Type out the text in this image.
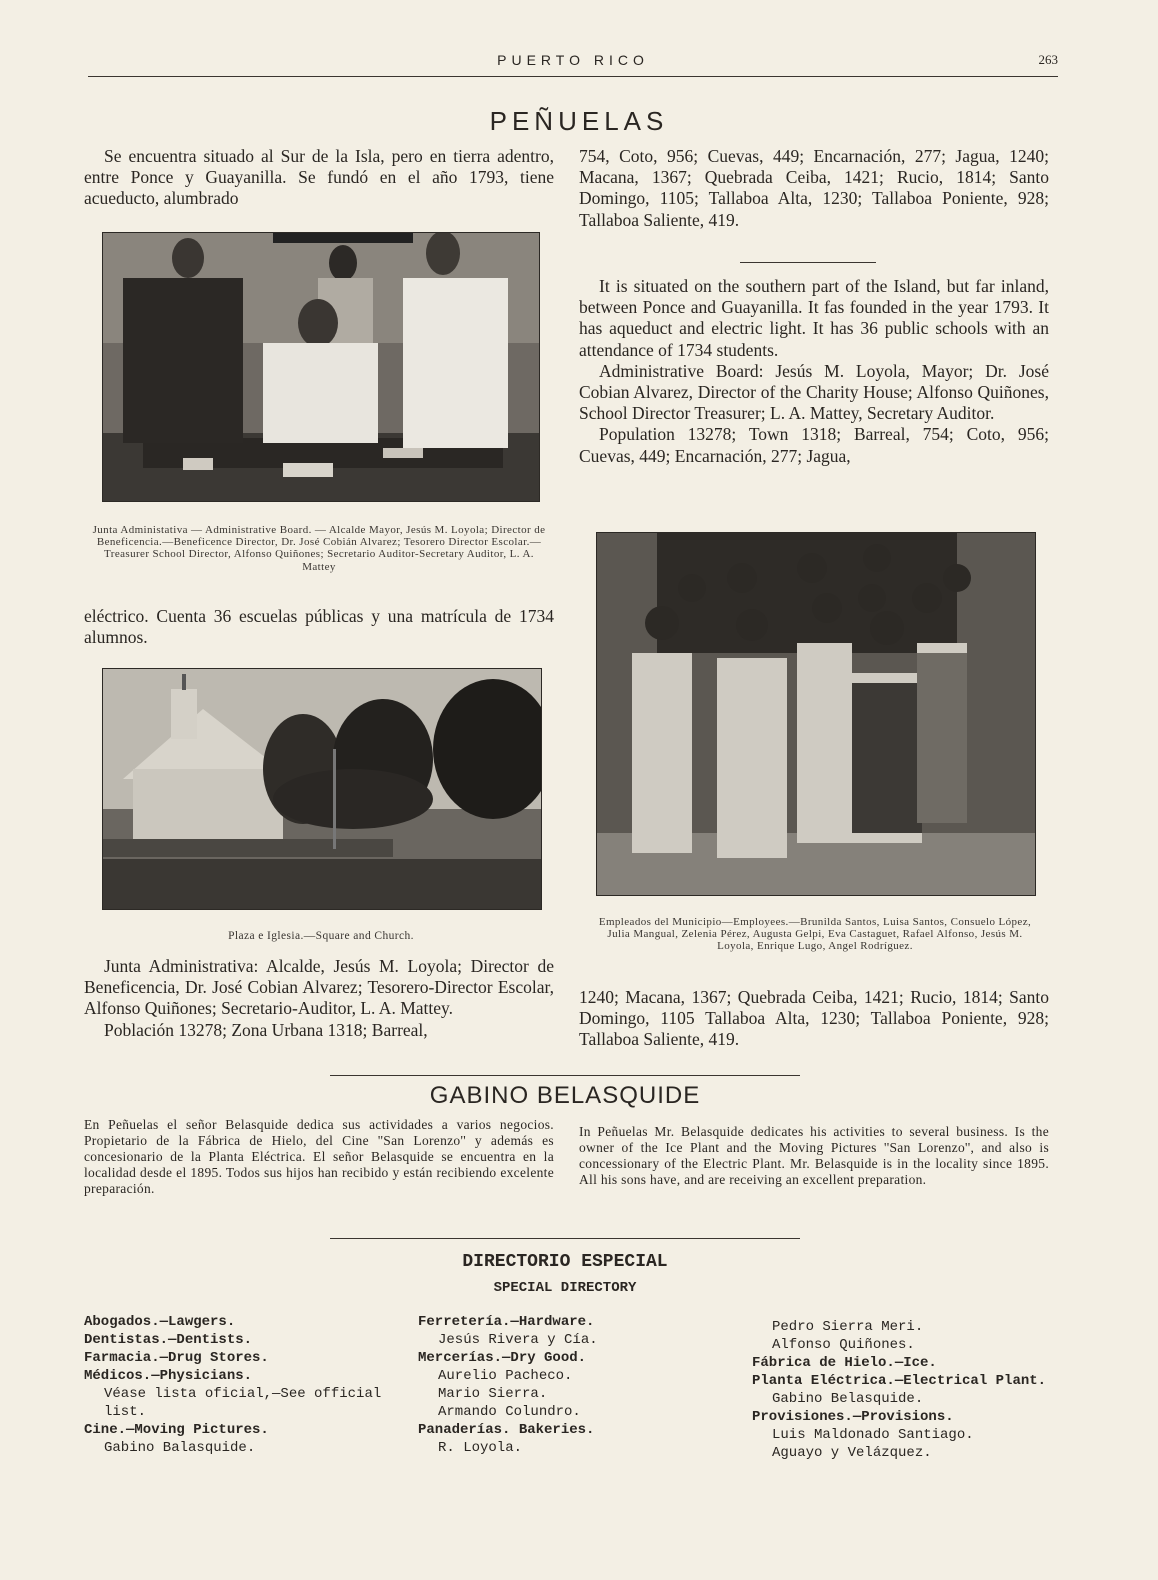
PUERTO RICO	263
PEÑUELAS

Se encuentra situado al Sur de la Isla, pero en tierra adentro, entre Ponce y Guayanilla. Se fundó en el año 1793, tiene acueducto, alumbrado

Junta Administativa — Administrative Board. — Alcalde Mayor, Jesús M. Loyola; Director de Beneficencia.—Beneficence Director, Dr. José Cobián Alvarez; Tesorero Director Escolar.—Treasurer School Director, Alfonso Quiñones; Secretario Auditor-Secretary Auditor, L. A. Mattey

eléctrico. Cuenta 36 escuelas públicas y una matrícula de 1734 alumnos.

Plaza e Iglesia.—Square and Church.

Junta Administrativa: Alcalde, Jesús M. Loyola; Director de Beneficencia, Dr. José Cobian Alvarez; Tesorero-Director Escolar, Alfonso Quiñones; Secretario-Auditor, L. A. Mattey.

Población 13278; Zona Urbana 1318; Barreal,

754, Coto, 956; Cuevas, 449; Encarnación, 277; Jagua, 1240; Macana, 1367; Quebrada Ceiba, 1421; Rucio, 1814; Santo Domingo, 1105; Tallaboa Alta, 1230; Tallaboa Poniente, 928; Tallaboa Saliente, 419.

It is situated on the southern part of the Island, but far inland, between Ponce and Guayanilla. It fas founded in the year 1793. It has aqueduct and electric light. It has 36 public schools with an attendance of 1734 students.

Administrative Board: Jesús M. Loyola, Mayor; Dr. José Cobian Alvarez, Director of the Charity House; Alfonso Quiñones, School Director Treasurer; L. A. Mattey, Secretary Auditor.

Population 13278; Town 1318; Barreal, 754; Coto, 956; Cuevas, 449; Encarnación, 277; Jagua,

Empleados del Municipio—Employees.—Brunilda Santos, Luisa Santos, Consuelo López, Julia Mangual, Zelenia Pérez, Augusta Gelpi, Eva Castaguet, Rafael Alfonso, Jesús M. Loyola, Enrique Lugo, Angel Rodríguez.

1240; Macana, 1367; Quebrada Ceiba, 1421; Rucio, 1814; Santo Domingo, 1105 Tallaboa Alta, 1230; Tallaboa Poniente, 928; Tallaboa Saliente, 419.

GABINO BELASQUIDE
En Peñuelas el señor Belasquide dedica sus actividades a varios negocios. Propietario de la Fábrica de Hielo, del Cine ''San Lorenzo'' y además es concesionario de la Planta Eléctrica. El señor Belasquide se encuentra en la localidad desde el 1895. Todos sus hijos han recibido y están recibiendo excelente preparación.
In Peñuelas Mr. Belasquide dedicates his activities to several business. Is the owner of the Ice Plant and the Moving Pictures ''San Lorenzo'', and also is concessionary of the Electric Plant. Mr. Belasquide is in the locality since 1895. All his sons have, and are receiving an excellent preparation.
DIRECTORIO ESPECIAL
SPECIAL DIRECTORY
Abogados.—Lawgers.
Dentistas.—Dentists.
Farmacia.—Drug Stores.
Médicos.—Physicians.
Véase lista oficial,—See official list.
Cine.—Moving Pictures.
Gabino Balasquide.
Ferretería.—Hardware.
Jesús Rivera y Cía.
Mercerías.—Dry Good.
Aurelio Pacheco.
Mario Sierra.
Armando Colundro.
Panaderías. Bakeries.
R. Loyola.
Pedro Sierra Meri.
Alfonso Quiñones.
Fábrica de Hielo.—Ice.
Planta Eléctrica.—Electrical Plant.
Gabino Belasquide.
Provisiones.—Provisions.
Luis Maldonado Santiago.
Aguayo y Velázquez.
